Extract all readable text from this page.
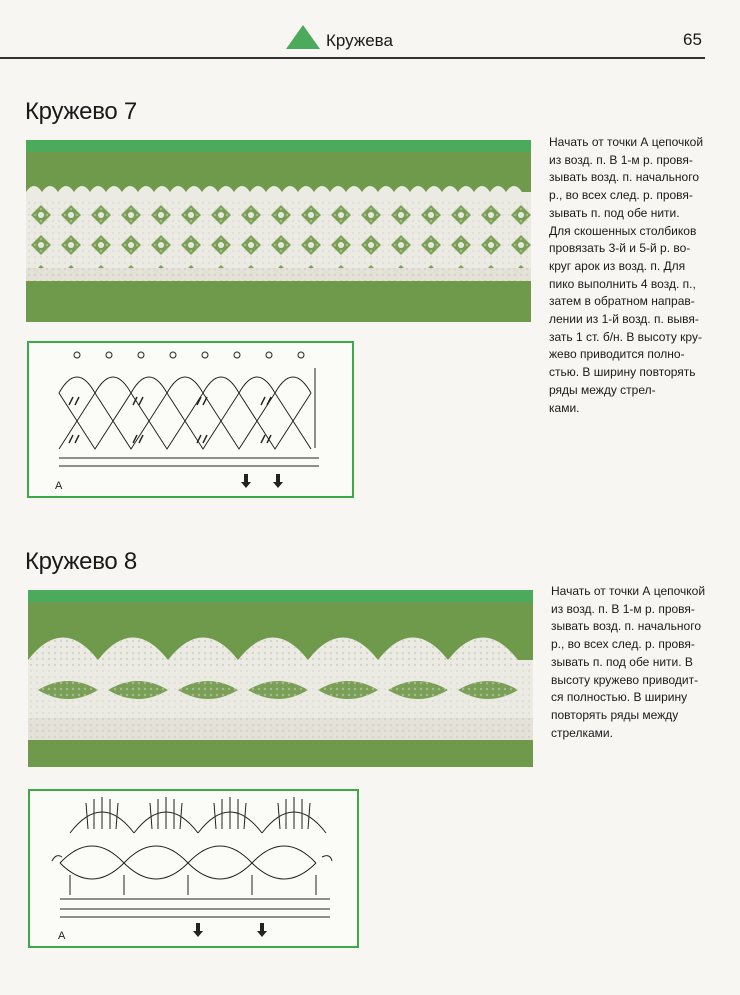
Кружева	65
Кружево 7
Начать от точки А цепочкой
из возд. п. В 1-м р. провя-
зывать возд. п. начального
р., во всех след. р. провя-
зывать п. под обе нити.
Для скошенных столбиков
провязать 3-й и 5-й р. во-
круг арок из возд. п. Для
пико выполнить 4 возд. п.,
затем в обратном направ-
лении из 1-й возд. п. вывя-
зать 1 ст. б/н. В высоту кру-
жево приводится полно-
стью. В ширину повторять
ряды между стрел-
ками.
A
Кружево 8
Начать от точки А цепочкой
из возд. п. В 1-м р. провя-
зывать возд. п. начального
р., во всех след. р. провя-
зывать п. под обе нити. В
высоту кружево приводит-
ся полностью. В ширину
повторять ряды между
стрелками.
A
